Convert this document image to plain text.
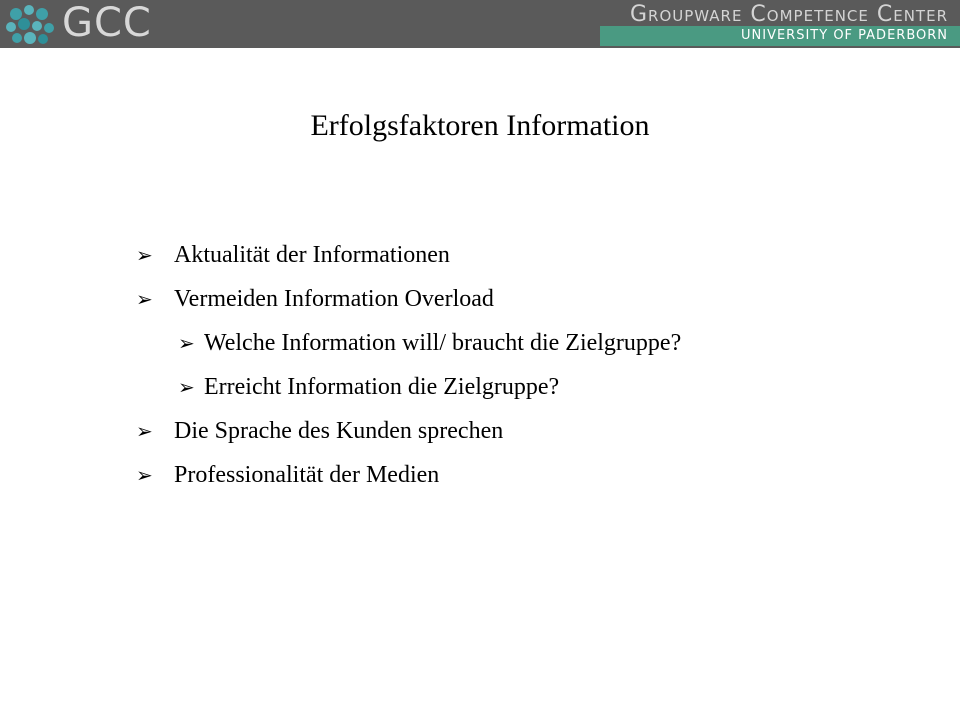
GCC	Groupware Competence Center
UNIVERSITY OF PADERBORN
Erfolgsfaktoren Information
➢ Aktualität der Informationen
➢ Vermeiden Information Overload
➢ Welche Information will/ braucht die Zielgruppe?
➢ Erreicht Information die Zielgruppe?
➢ Die Sprache des Kunden sprechen
➢ Professionalität der Medien
